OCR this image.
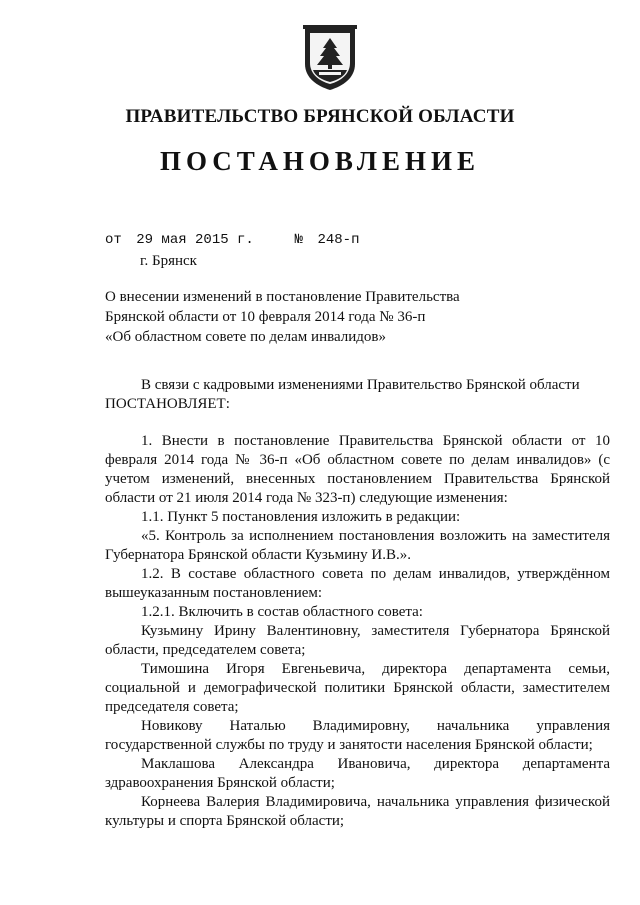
ПРАВИТЕЛЬСТВО БРЯНСКОЙ ОБЛАСТИ
ПОСТАНОВЛЕНИЕ
от 29 мая 2015 г.	№ 248-п
г. Брянск
О внесении изменений в постановление Правительства
Брянской области от 10 февраля 2014 года № 36-п
«Об областном совете по делам инвалидов»

В связи с кадровыми изменениями Правительство Брянской области

ПОСТАНОВЛЯЕТ:

1. Внести в постановление Правительства Брянской области от 10 февраля 2014 года № 36-п «Об областном совете по делам инвалидов» (с учетом изменений, внесенных постановлением Правительства Брянской области от 21 июля 2014 года № 323-п) следующие изменения:

1.1. Пункт 5 постановления изложить в редакции:

«5. Контроль за исполнением постановления возложить на заместителя Губернатора Брянской области Кузьмину И.В.».

1.2. В составе областного совета по делам инвалидов, утверждённом вышеуказанным постановлением:

1.2.1. Включить в состав областного совета:

Кузьмину Ирину Валентиновну, заместителя Губернатора Брянской области, председателем совета;

Тимошина Игоря Евгеньевича, директора департамента семьи, социальной и демографической политики Брянской области, заместителем председателя совета;

Новикову Наталью Владимировну, начальника управления государственной службы по труду и занятости населения Брянской области;

Маклашова Александра Ивановича, директора департамента здравоохранения Брянской области;

Корнеева Валерия Владимировича, начальника управления физической культуры и спорта Брянской области;
